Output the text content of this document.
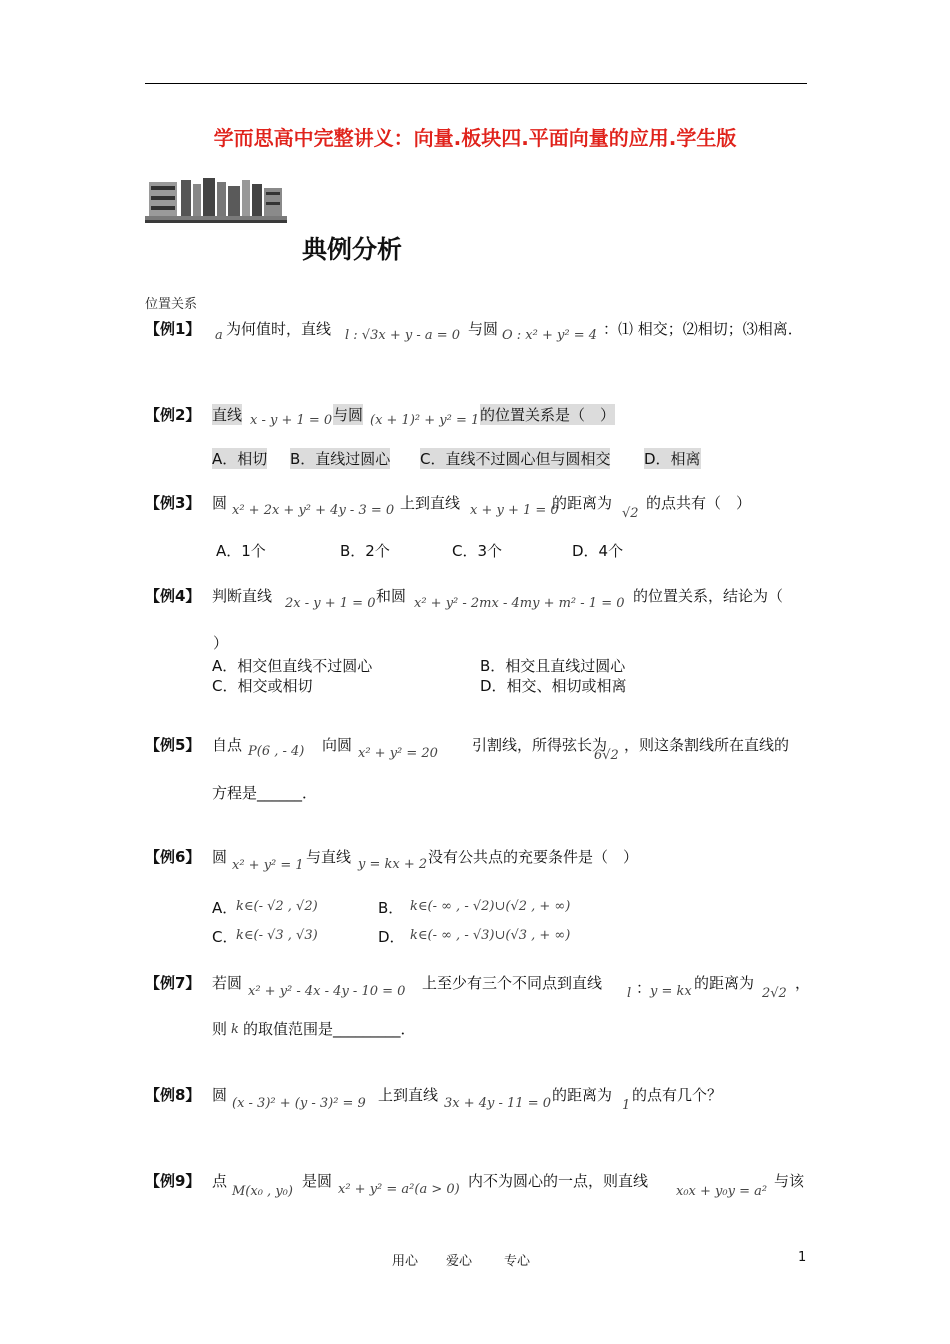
学而思高中完整讲义：向量.板块四.平面向量的应用.学生版
典例分析
位置关系
【例1】 a 为何值时，直线 l : √3x + y - a = 0 与圆 O : x² + y² = 4 ：⑴ 相交；⑵相切；⑶相离．
【例2】 直线 x - y + 1 = 0 与圆 (x + 1)² + y² = 1 的位置关系是（　）
A．相切 B．直线过圆心 C．直线不过圆心但与圆相交 D．相离
【例3】 圆 x² + 2x + y² + 4y - 3 = 0 上到直线 x + y + 1 = 0
的距离为
√2
的点共有（　）
A．1个	B．2个	C．3个	D．4个
【例4】 判断直线 2x - y + 1 = 0 和圆 x² + y² - 2mx - 4my + m² - 1 = 0 的位置关系，结论为（
）
A．相交但直线不过圆心	B．相交且直线过圆心
C．相交或相切	D．相交、相切或相离
【例5】 自点 P(6 , - 4) 向圆 x² + y² = 20 引割线，所得弦长为
6√2
，则这条割线所在直线的
方程是______．
【例6】 圆 x² + y² = 1 与直线 y = kx + 2 没有公共点的充要条件是（　）
A．
k∈(- √2 , √2)	B． k∈(- ∞ , - √2)∪(√2 , + ∞)
C．
k∈(- √3 , √3)	D． k∈(- ∞ , - √3)∪(√3 , + ∞)
【例7】 若圆 x² + y² - 4x - 4y - 10 = 0 上至少有三个不同点到直线
l ：
y = kx 的距离为
2√2
，
则 k 的取值范围是_________．
【例8】 圆 (x - 3)² + (y - 3)² = 9 上到直线 3x + 4y - 11 = 0 的距离为
1
的点有几个？
【例9】 点
M(x₀ , y₀)
是圆 x² + y² = a²(a > 0) 内不为圆心的一点，则直线
x₀x + y₀y = a²
与该
用心 爱心 专心	1
